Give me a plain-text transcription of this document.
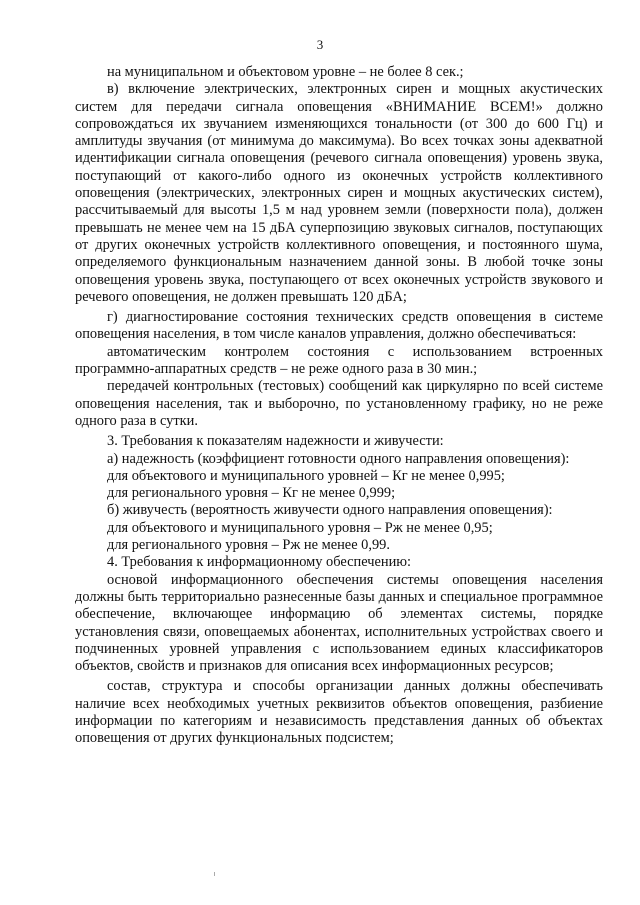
3

на муниципальном и объектовом уровне – не более 8 сек.;

в) включение электрических, электронных сирен и мощных акустических систем для передачи сигнала оповещения «ВНИМАНИЕ ВСЕМ!» должно сопровождаться их звучанием изменяющихся тональности (от 300 до 600 Гц) и амплитуды звучания (от минимума до максимума). Во всех точках зоны адекватной идентификации сигнала оповещения (речевого сигнала оповещения) уровень звука, поступающий от какого-либо одного из оконечных устройств коллективного оповещения (электрических, электронных сирен и мощных акустических систем), рассчитываемый для высоты 1,5 м над уровнем земли (поверхности пола), должен превышать не менее чем на 15 дБА суперпозицию звуковых сигналов, поступающих от других оконечных устройств коллективного оповещения, и постоянного шума, определяемого функциональным назначением данной зоны. В любой точке зоны оповещения уровень звука, поступающего от всех оконечных устройств звукового и речевого оповещения, не должен превышать 120 дБА;

г) диагностирование состояния технических средств оповещения в системе оповещения населения, в том числе каналов управления, должно обеспечиваться:

автоматическим контролем состояния с использованием встроенных программно-аппаратных средств – не реже одного раза в 30 мин.;

передачей контрольных (тестовых) сообщений как циркулярно по всей системе оповещения населения, так и выборочно, по установленному графику, но не реже одного раза в сутки.

3. Требования к показателям надежности и живучести:

а) надежность (коэффициент готовности одного направления оповещения):

для объектового и муниципального уровней – Кг не менее 0,995;

для регионального уровня – Кг не менее 0,999;

б) живучесть (вероятность живучести одного направления оповещения):

для объектового и муниципального уровня – Рж не менее 0,95;

для регионального уровня – Рж не менее 0,99.

4. Требования к информационному обеспечению:

основой информационного обеспечения системы оповещения населения должны быть территориально разнесенные базы данных и специальное программное обеспечение, включающее информацию об элементах системы, порядке установления связи, оповещаемых абонентах, исполнительных устройствах своего и подчиненных уровней управления с использованием единых классификаторов объектов, свойств и признаков для описания всех информационных ресурсов;

состав, структура и способы организации данных должны обеспечивать наличие всех необходимых учетных реквизитов объектов оповещения, разбиение информации по категориям и независимость представления данных об объектах оповещения от других функциональных подсистем;
